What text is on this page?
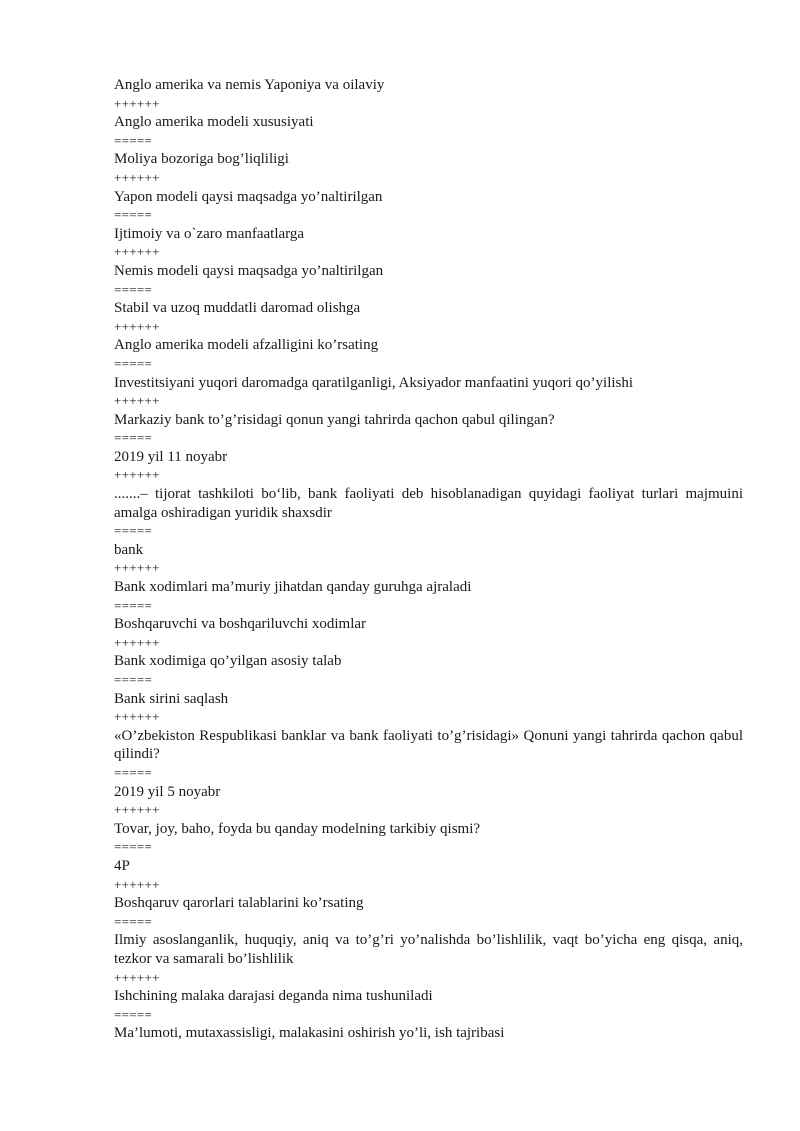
Anglo amerika va nemis Yaponiya va oilaviy

++++++

Anglo amerika modeli xususiyati

=====

Moliya bozoriga bog’liqliligi

++++++

Yapon modeli qaysi maqsadga yo’naltirilgan

=====

Ijtimoiy va o`zaro manfaatlarga

++++++

Nemis modeli qaysi maqsadga yo’naltirilgan

=====

Stabil va uzoq muddatli daromad olishga

++++++

Anglo amerika modeli afzalligini ko’rsating

=====

Investitsiyani yuqori daromadga qaratilganligi, Aksiyador manfaatini yuqori qo’yilishi

++++++

Markaziy bank to’g’risidagi qonun yangi tahrirda qachon qabul qilingan?

=====

2019 yil 11 noyabr

++++++

.......– tijorat tashkiloti bo‘lib, bank faoliyati deb hisoblanadigan quyidagi faoliyat turlari majmuini amalga oshiradigan yuridik shaxsdir

=====

bank

++++++

Bank xodimlari ma’muriy jihatdan qanday guruhga ajraladi

=====

Boshqaruvchi va boshqariluvchi xodimlar

++++++

Bank xodimiga qo’yilgan asosiy talab

=====

Bank sirini saqlash

++++++

«O’zbekiston Respublikasi banklar va bank faoliyati to’g’risidagi» Qonuni yangi tahrirda qachon qabul qilindi?

=====

2019 yil 5 noyabr

++++++

Tovar, joy, baho, foyda bu qanday modelning tarkibiy qismi?

=====

4P

++++++

Boshqaruv qarorlari talablarini ko’rsating

=====

Ilmiy asoslanganlik, huquqiy, aniq va to’g’ri yo’nalishda bo’lishlilik, vaqt bo’yicha eng qisqa, aniq, tezkor va samarali bo’lishlilik

++++++

Ishchining malaka darajasi deganda nima tushuniladi

=====

Ma’lumoti, mutaxassisligi, malakasini oshirish yo’li, ish tajribasi
